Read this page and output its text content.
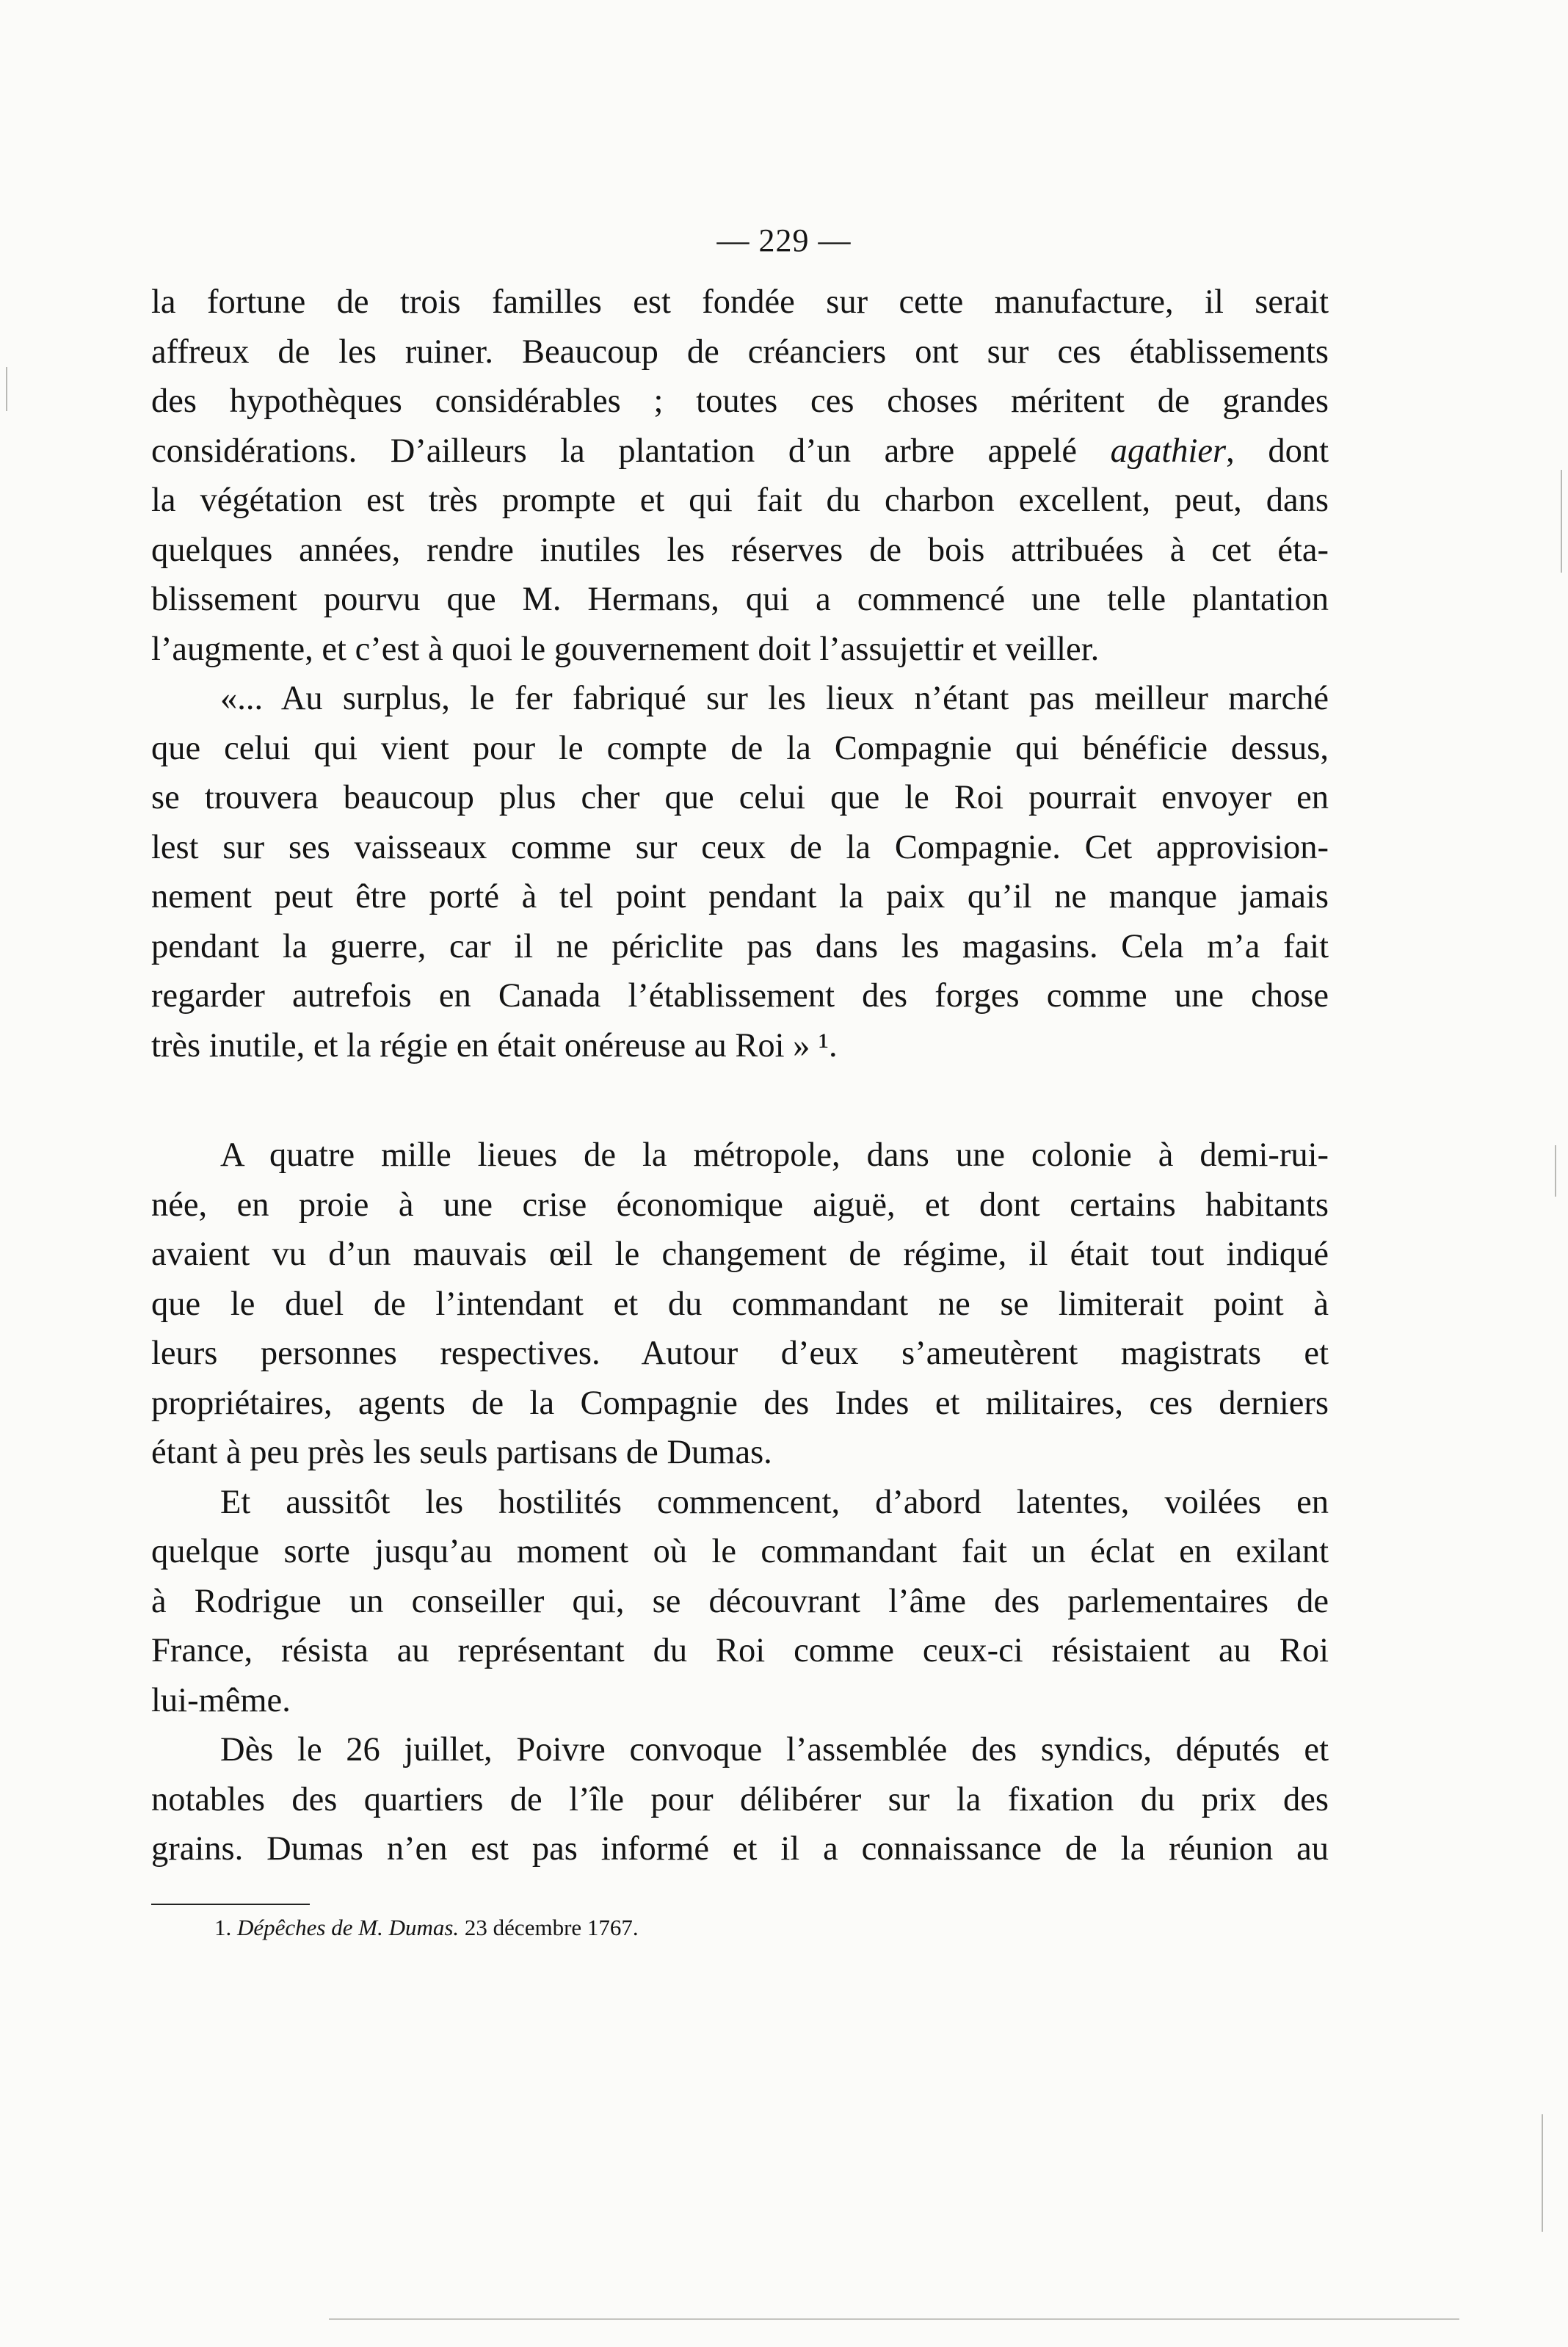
— 229 —

la fortune de trois familles est fondée sur cette manufacture, il serait
affreux de les ruiner. Beaucoup de créanciers ont sur ces établissements
des hypothèques considérables ; toutes ces choses méritent de grandes
considérations. D’ailleurs la plantation d’un arbre appelé agathier, dont
la végétation est très prompte et qui fait du charbon excellent, peut, dans
quelques années, rendre inutiles les réserves de bois attribuées à cet éta-
blissement pourvu que M. Hermans, qui a commencé une telle plantation
l’augmente, et c’est à quoi le gouvernement doit l’assujettir et veiller.

«... Au surplus, le fer fabriqué sur les lieux n’étant pas meilleur marché
que celui qui vient pour le compte de la Compagnie qui bénéficie dessus,
se trouvera beaucoup plus cher que celui que le Roi pourrait envoyer en
lest sur ses vaisseaux comme sur ceux de la Compagnie. Cet approvision-
nement peut être porté à tel point pendant la paix qu’il ne manque jamais
pendant la guerre, car il ne périclite pas dans les magasins. Cela m’a fait
regarder autrefois en Canada l’établissement des forges comme une chose
très inutile, et la régie en était onéreuse au Roi » ¹.

A quatre mille lieues de la métropole, dans une colonie à demi-rui-
née, en proie à une crise économique aiguë, et dont certains habitants
avaient vu d’un mauvais œil le changement de régime, il était tout indiqué
que le duel de l’intendant et du commandant ne se limiterait point à
leurs personnes respectives. Autour d’eux s’ameutèrent magistrats et
propriétaires, agents de la Compagnie des Indes et militaires, ces derniers
étant à peu près les seuls partisans de Dumas.

Et aussitôt les hostilités commencent, d’abord latentes, voilées en
quelque sorte jusqu’au moment où le commandant fait un éclat en exilant
à Rodrigue un conseiller qui, se découvrant l’âme des parlementaires de
France, résista au représentant du Roi comme ceux-ci résistaient au Roi
lui-même.

Dès le 26 juillet, Poivre convoque l’assemblée des syndics, députés et
notables des quartiers de l’île pour délibérer sur la fixation du prix des
grains. Dumas n’en est pas informé et il a connaissance de la réunion au

1. Dépêches de M. Dumas. 23 décembre 1767.
